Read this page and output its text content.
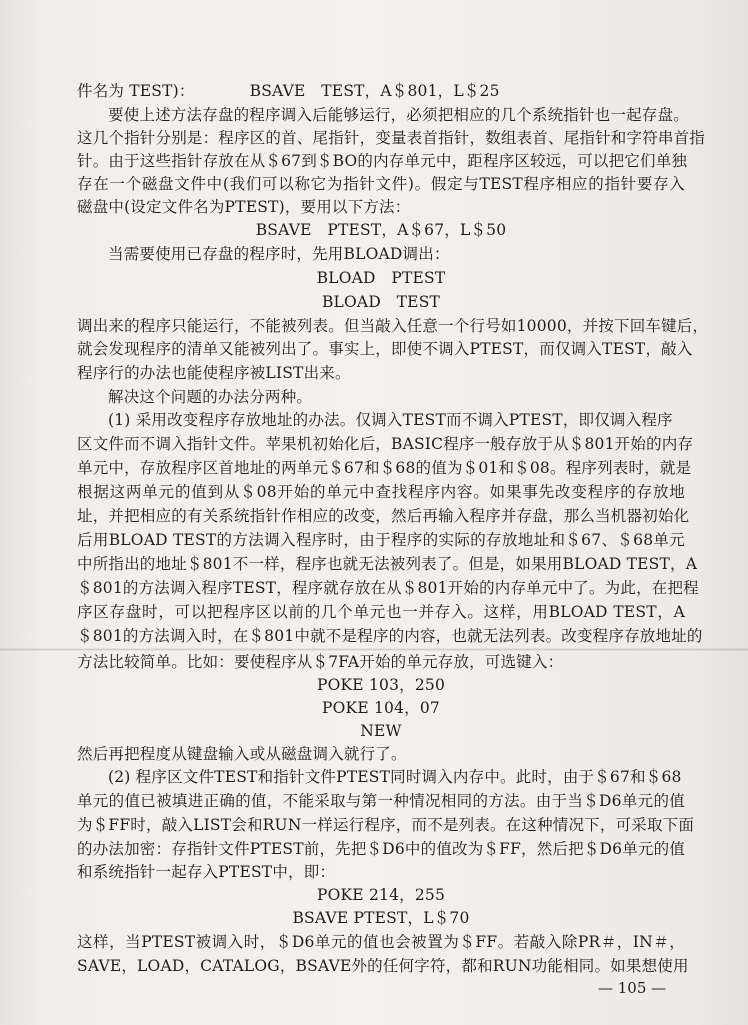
件名为 TEST)：　　　　BSAVE　TEST，A＄801，L＄25
要使上述方法存盘的程序调入后能够运行，必须把相应的几个系统指针也一起存盘。
这几个指针分别是：程序区的首、尾指针，变量表首指针，数组表首、尾指针和字符串首指
针。由于这些指针存放在从＄67到＄BO的内存单元中，距程序区较远，可以把它们单独
存在一个磁盘文件中(我们可以称它为指针文件)。假定与TEST程序相应的指针要存入
磁盘中(设定文件名为PTEST)，要用以下方法：
BSAVE　PTEST，A＄67，L＄50
当需要使用已存盘的程序时，先用BLOAD调出：
BLOAD　PTEST
BLOAD　TEST
调出来的程序只能运行，不能被列表。但当敲入任意一个行号如10000，并按下回车键后，
就会发现程序的清单又能被列出了。事实上，即使不调入PTEST，而仅调入TEST，敲入
程序行的办法也能使程序被LIST出来。
解决这个问题的办法分两种。
(1) 采用改变程序存放地址的办法。仅调入TEST而不调入PTEST，即仅调入程序
区文件而不调入指针文件。苹果机初始化后，BASIC程序一般存放于从＄801开始的内存
单元中，存放程序区首地址的两单元＄67和＄68的值为＄01和＄08。程序列表时，就是
根据这两单元的值到从＄08开始的单元中查找程序内容。如果事先改变程序的存放地
址，并把相应的有关系统指针作相应的改变，然后再输入程序并存盘，那么当机器初始化
后用BLOAD TEST的方法调入程序时，由于程序的实际的存放地址和＄67、＄68单元
中所指出的地址＄801不一样，程序也就无法被列表了。但是，如果用BLOAD TEST，A
＄801的方法调入程序TEST，程序就存放在从＄801开始的内存单元中了。为此，在把程
序区存盘时，可以把程序区以前的几个单元也一并存入。这样，用BLOAD TEST，A
＄801的方法调入时，在＄801中就不是程序的内容，也就无法列表。改变程序存放地址的
方法比较简单。比如：要使程序从＄7FA开始的单元存放，可选键入：
POKE 103，250
POKE 104，07
NEW
然后再把程度从键盘输入或从磁盘调入就行了。
(2) 程序区文件TEST和指针文件PTEST同时调入内存中。此时，由于＄67和＄68
单元的值已被填进正确的值，不能采取与第一种情况相同的方法。由于当＄D6单元的值
为＄FF时，敲入LIST会和RUN一样运行程序，而不是列表。在这种情况下，可采取下面
的办法加密：存指针文件PTEST前，先把＄D6中的值改为＄FF，然后把＄D6单元的值
和系统指针一起存入PTEST中，即：
POKE 214，255
BSAVE PTEST，L＄70
这样，当PTEST被调入时，＄D6单元的值也会被置为＄FF。若敲入除PR＃，IN＃，
SAVE，LOAD，CATALOG，BSAVE外的任何字符，都和RUN功能相同。如果想使用
— 105 —
